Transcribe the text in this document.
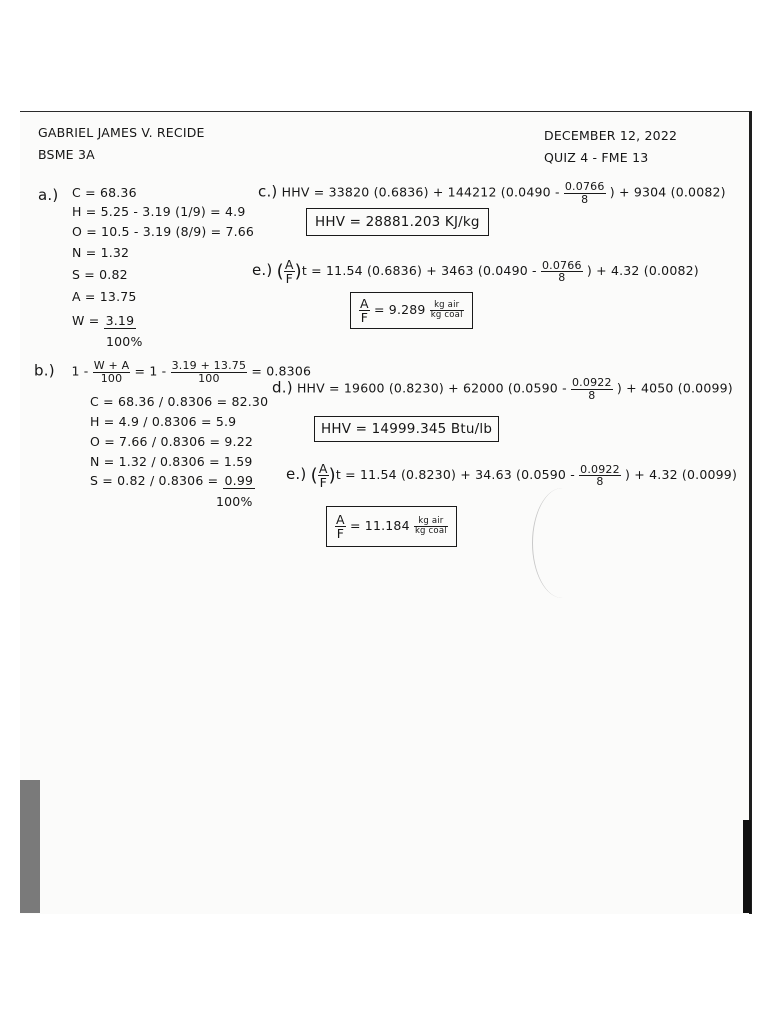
GABRIEL JAMES V. RECIDE
BSME 3A
DECEMBER 12, 2022
QUIZ 4 - FME 13
a.) C = 68.36
H = 5.25 - 3.19 (1/9) = 4.9
O = 10.5 - 3.19 (8/9) = 7.66
N = 1.32
S = 0.82
A = 13.75
W = 3.19
100%
c.) HHV = 33820 (0.6836) + 144212 ($0.0490 - \frac{0.0766}{8}$ ) + 9304 (0.0082)
HHV = 28881.203 KJ/kg
e.) ( $\frac{A}{F} )t = 11.54$ (0.6836) + 3463 ($0.0490 - \frac{0.0766}{8}$ ) + 4.32 (0.0082)
$\frac{A}{F} = 9.289 \frac{\text{kg air}}{\text{kg coal}}$
b.) $1 - \frac{W + A}{100} = 1 - \frac{3.19 + 13.75}{100} = 0.8306$
C = 68.36 / 0.8306 = 82.30
H = 4.9 / 0.8306 = 5.9
O = 7.66 / 0.8306 = 9.22
N = 1.32 / 0.8306 = 1.59
S = 0.82 / 0.8306 = 0.99
100%
d.) HHV = 19600 (0.8230) + 62000 ($0.0590 - \frac{0.0922}{8}$ ) + 4050 (0.0099)
HHV = 14999.345 Btu/lb
e.) ( $\frac{A}{F} )t = 11.54$ (0.8230) + 34.63 ($0.0590 - \frac{0.0922}{8}$ ) + 4.32 (0.0099)
$\frac{A}{F} = 11.184 \frac{\text{kg air}}{\text{kg coal}}$
